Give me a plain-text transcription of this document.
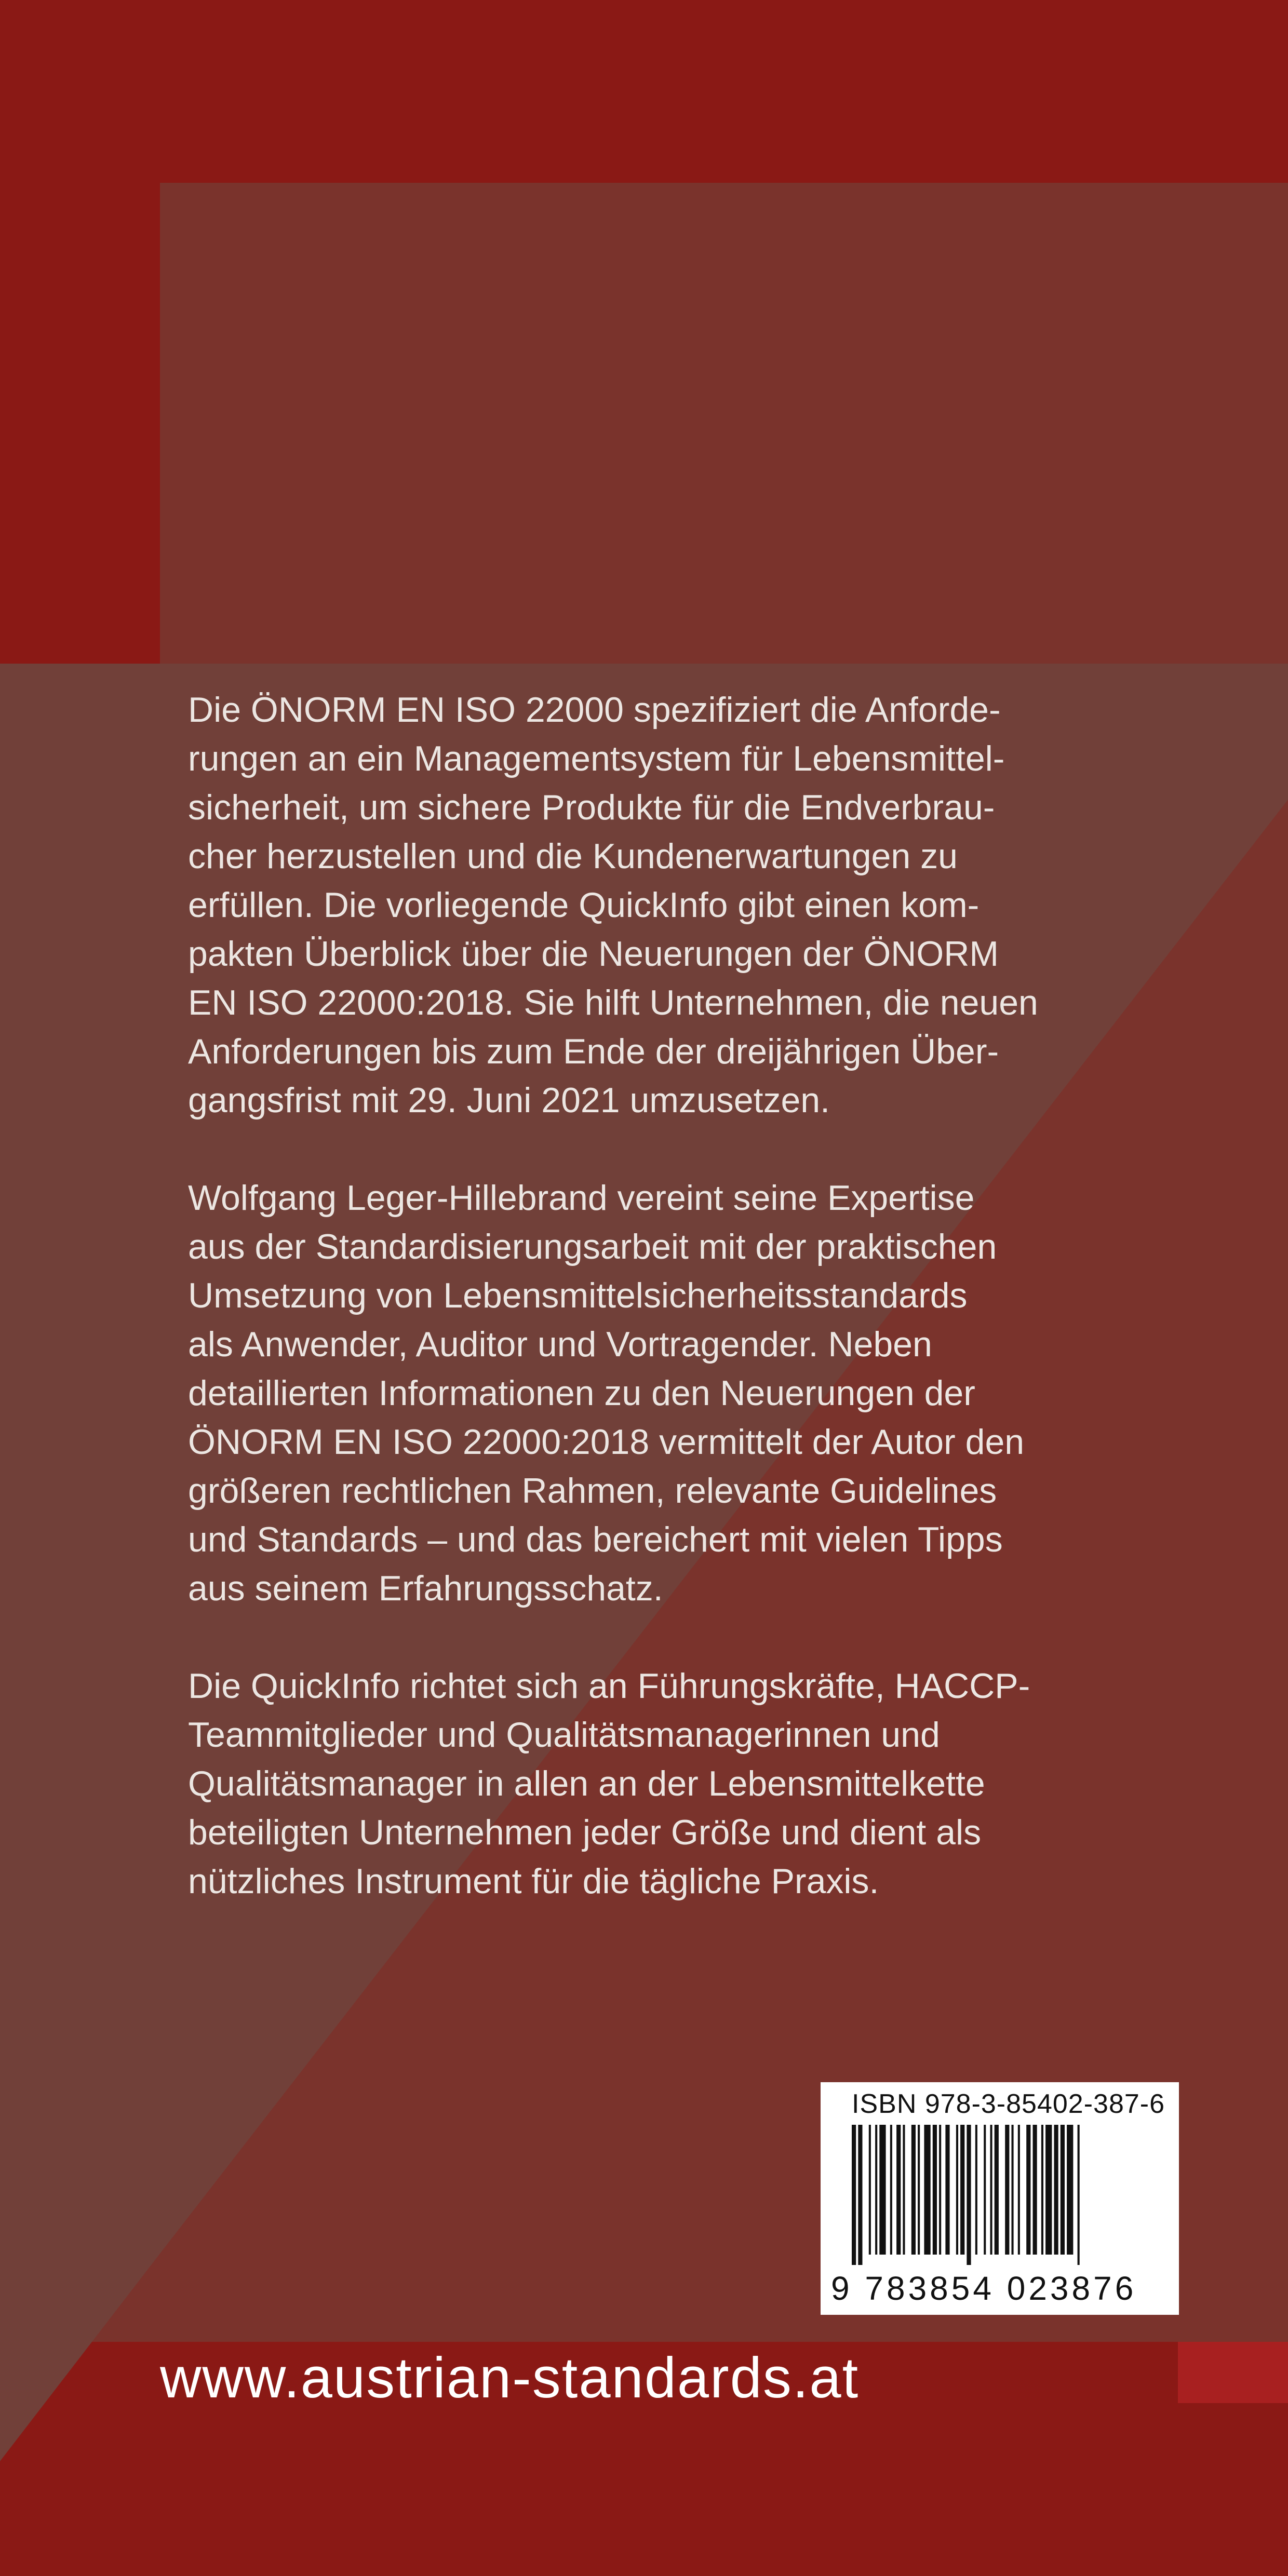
Die ÖNORM EN ISO 22000 spezifiziert die Anforde-
rungen an ein Managementsystem für Lebensmittel-
sicherheit, um sichere Produkte für die Endverbrau-
cher herzustellen und die Kundenerwartungen zu
erfüllen. Die vorliegende QuickInfo gibt einen kom-
pakten Überblick über die Neuerungen der ÖNORM
EN ISO 22000:2018. Sie hilft Unternehmen, die neuen
Anforderungen bis zum Ende der dreijährigen Über-
gangsfrist mit 29. Juni 2021 umzusetzen.

Wolfgang Leger-Hillebrand vereint seine Expertise
aus der Standardisierungsarbeit mit der praktischen
Umsetzung von Lebensmittelsicherheitsstandards
als Anwender, Auditor und Vortragender. Neben
detaillierten Informationen zu den Neuerungen der
ÖNORM EN ISO 22000:2018 vermittelt der Autor den
größeren rechtlichen Rahmen, relevante Guidelines
und Standards – und das bereichert mit vielen Tipps
aus seinem Erfahrungsschatz.

Die QuickInfo richtet sich an Führungskräfte, HACCP-
Teammitglieder und Qualitätsmanagerinnen und
Qualitätsmanager in allen an der Lebensmittelkette
beteiligten Unternehmen jeder Größe und dient als
nützliches Instrument für die tägliche Praxis.

ISBN 978-3-85402-387-6
9 783854 023876
www.austrian-standards.at
